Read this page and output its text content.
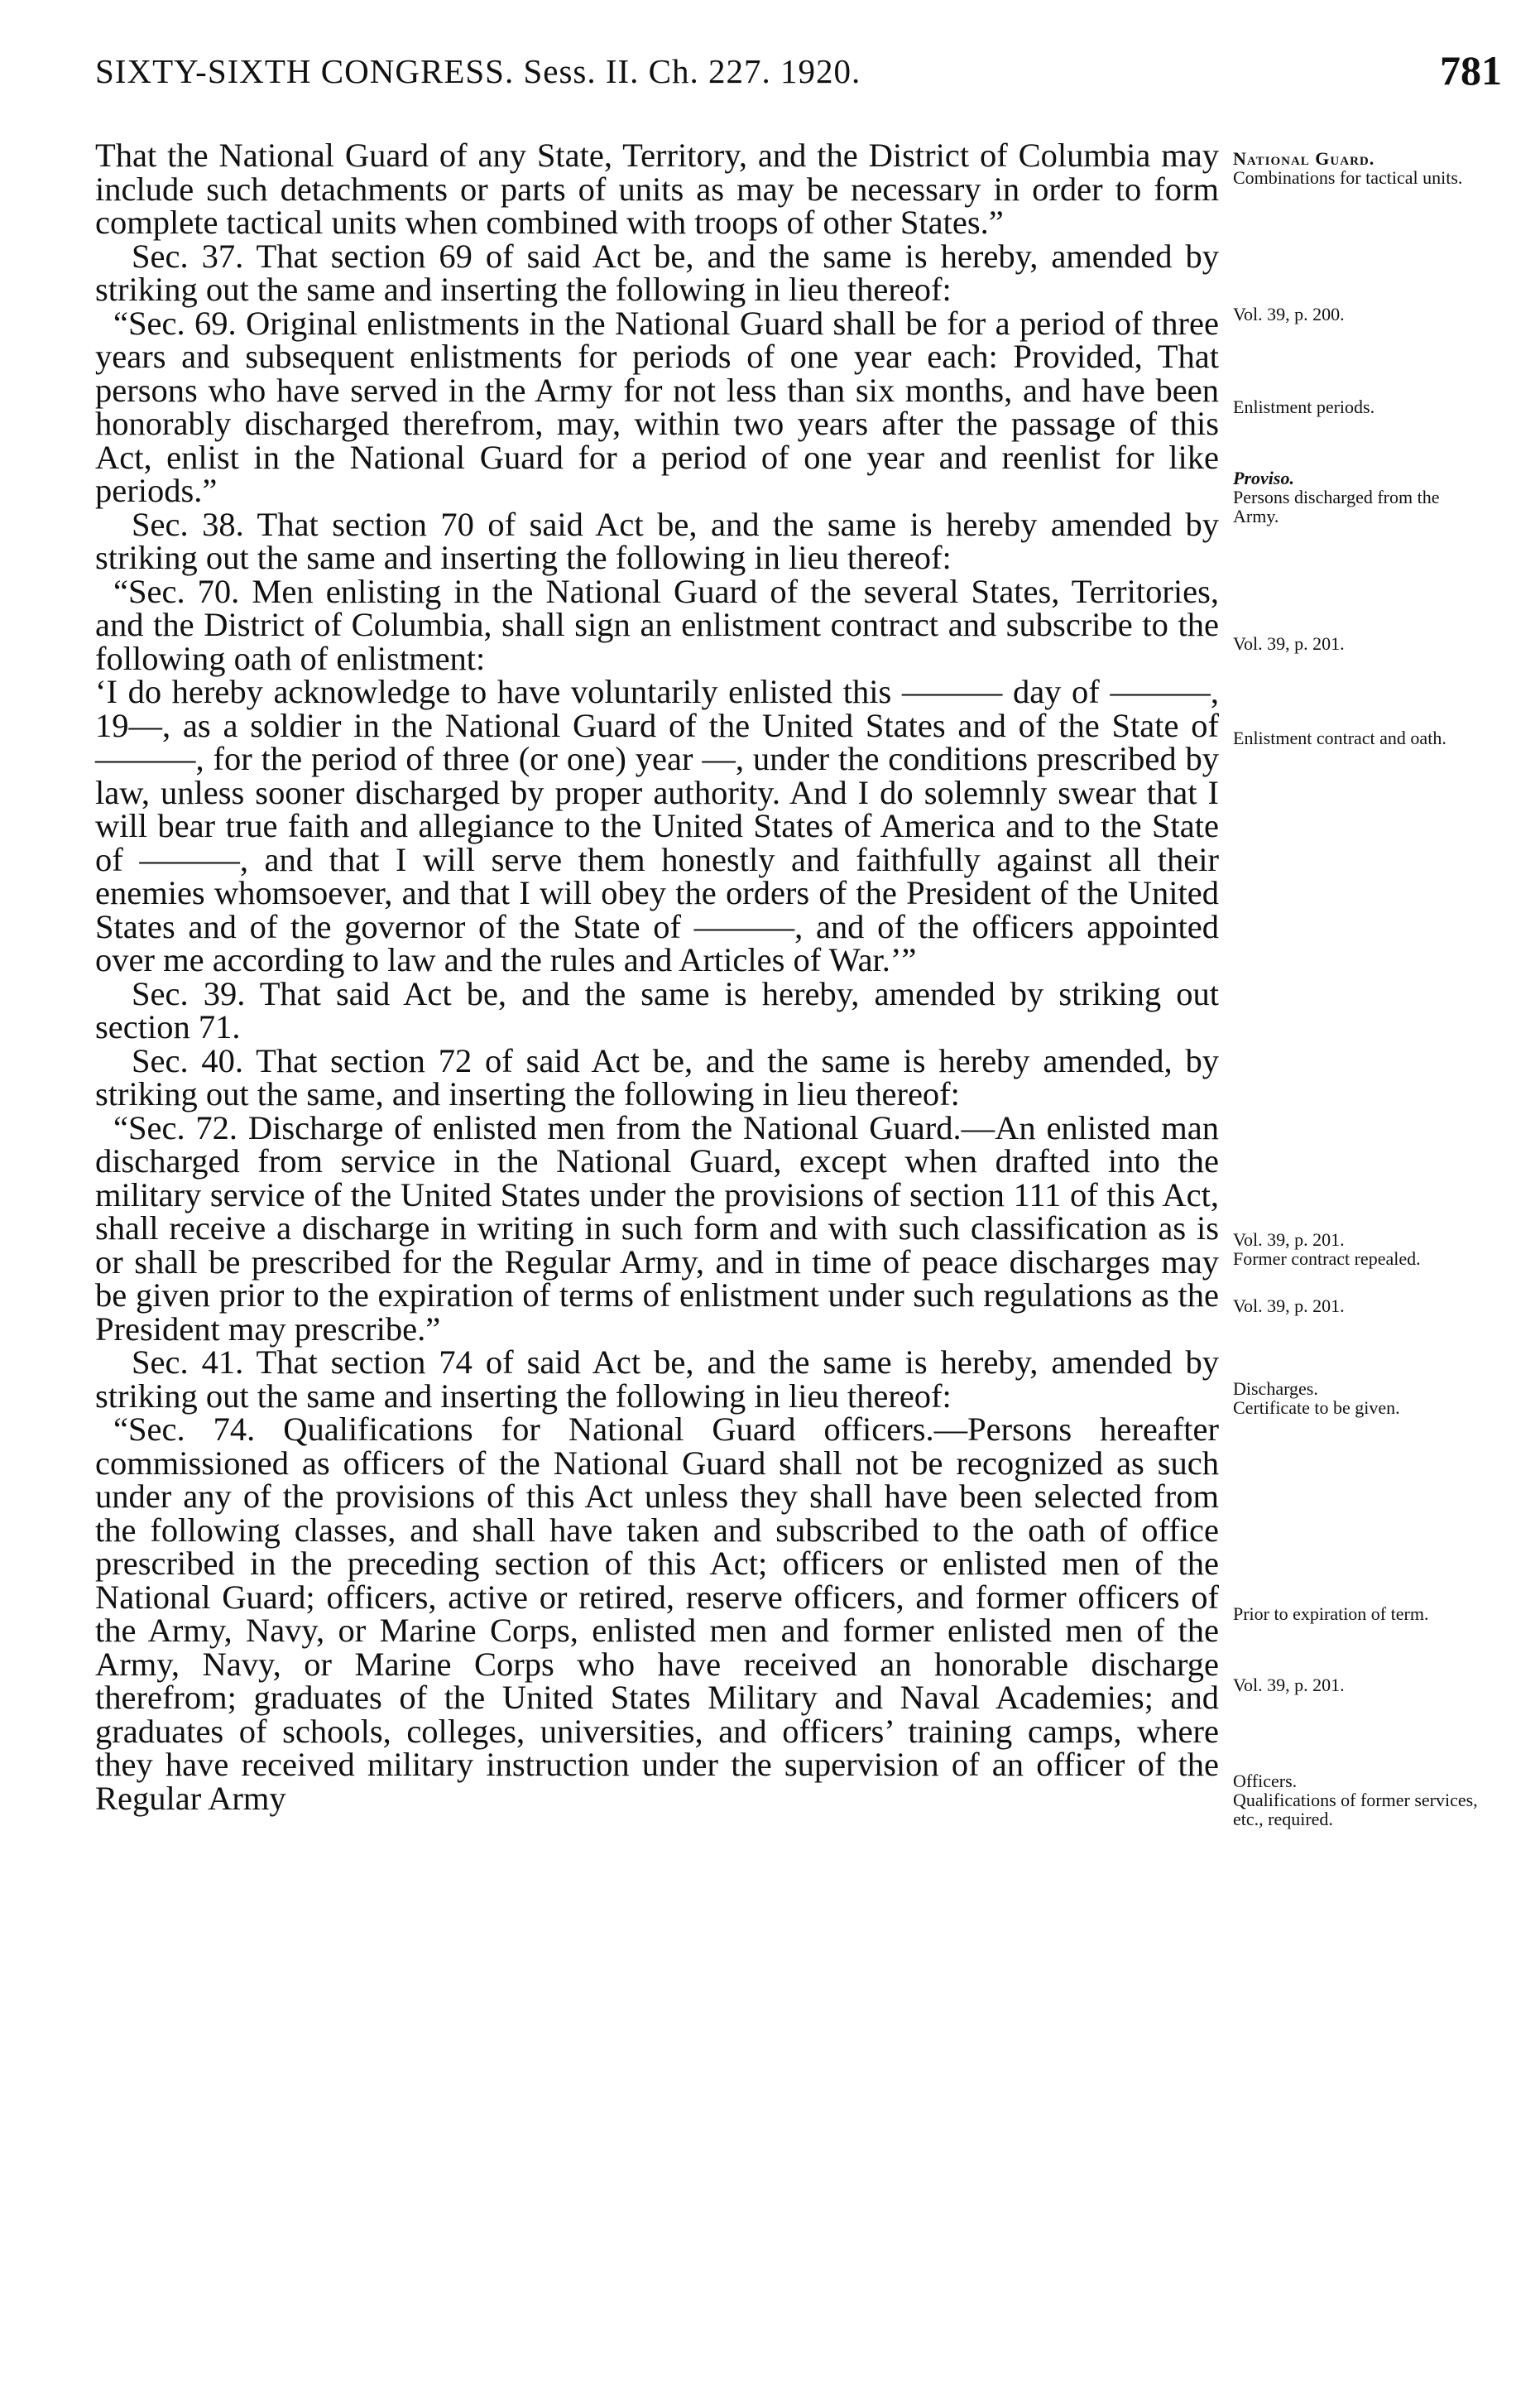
SIXTY-SIXTH CONGRESS. Sess. II. Ch. 227. 1920.	781

That the National Guard of any State, Territory, and the District of Columbia may include such detachments or parts of units as may be necessary in order to form complete tactical units when combined with troops of other States.”

Sec. 37. That section 69 of said Act be, and the same is hereby, amended by striking out the same and inserting the following in lieu thereof:

“Sec. 69. Original enlistments in the National Guard shall be for a period of three years and subsequent enlistments for periods of one year each: Provided, That persons who have served in the Army for not less than six months, and have been honorably discharged therefrom, may, within two years after the passage of this Act, enlist in the National Guard for a period of one year and reenlist for like periods.”

Sec. 38. That section 70 of said Act be, and the same is hereby amended by striking out the same and inserting the following in lieu thereof:

“Sec. 70. Men enlisting in the National Guard of the several States, Territories, and the District of Columbia, shall sign an enlistment contract and subscribe to the following oath of enlistment:

‘I do hereby acknowledge to have voluntarily enlisted this ——— day of ———, 19—, as a soldier in the National Guard of the United States and of the State of ———, for the period of three (or one) year —, under the conditions prescribed by law, unless sooner discharged by proper authority. And I do solemnly swear that I will bear true faith and allegiance to the United States of America and to the State of ———, and that I will serve them honestly and faithfully against all their enemies whomsoever, and that I will obey the orders of the President of the United States and of the governor of the State of ———, and of the officers appointed over me according to law and the rules and Articles of War.’”

Sec. 39. That said Act be, and the same is hereby, amended by striking out section 71.

Sec. 40. That section 72 of said Act be, and the same is hereby amended, by striking out the same, and inserting the following in lieu thereof:

“Sec. 72. Discharge of enlisted men from the National Guard.—An enlisted man discharged from service in the National Guard, except when drafted into the military service of the United States under the provisions of section 111 of this Act, shall receive a discharge in writing in such form and with such classification as is or shall be prescribed for the Regular Army, and in time of peace discharges may be given prior to the expiration of terms of enlistment under such regulations as the President may prescribe.”

Sec. 41. That section 74 of said Act be, and the same is hereby, amended by striking out the same and inserting the following in lieu thereof:

“Sec. 74. Qualifications for National Guard officers.—Persons hereafter commissioned as officers of the National Guard shall not be recognized as such under any of the provisions of this Act unless they shall have been selected from the following classes, and shall have taken and subscribed to the oath of office prescribed in the preceding section of this Act; officers or enlisted men of the National Guard; officers, active or retired, reserve officers, and former officers of the Army, Navy, or Marine Corps, enlisted men and former enlisted men of the Army, Navy, or Marine Corps who have received an honorable discharge therefrom; graduates of the United States Military and Naval Academies; and graduates of schools, colleges, universities, and officers’ training camps, where they have received military instruction under the supervision of an officer of the Regular Army

National Guard.
Combinations for tactical units.
Vol. 39, p. 200.
Enlistment periods.
Proviso.
Persons discharged from the Army.
Vol. 39, p. 201.
Enlistment contract and oath.
Vol. 39, p. 201.
Former contract repealed.
Vol. 39, p. 201.
Discharges.
Certificate to be given.
Prior to expiration of term.
Vol. 39, p. 201.
Officers.
Qualifications of former services, etc., required.
